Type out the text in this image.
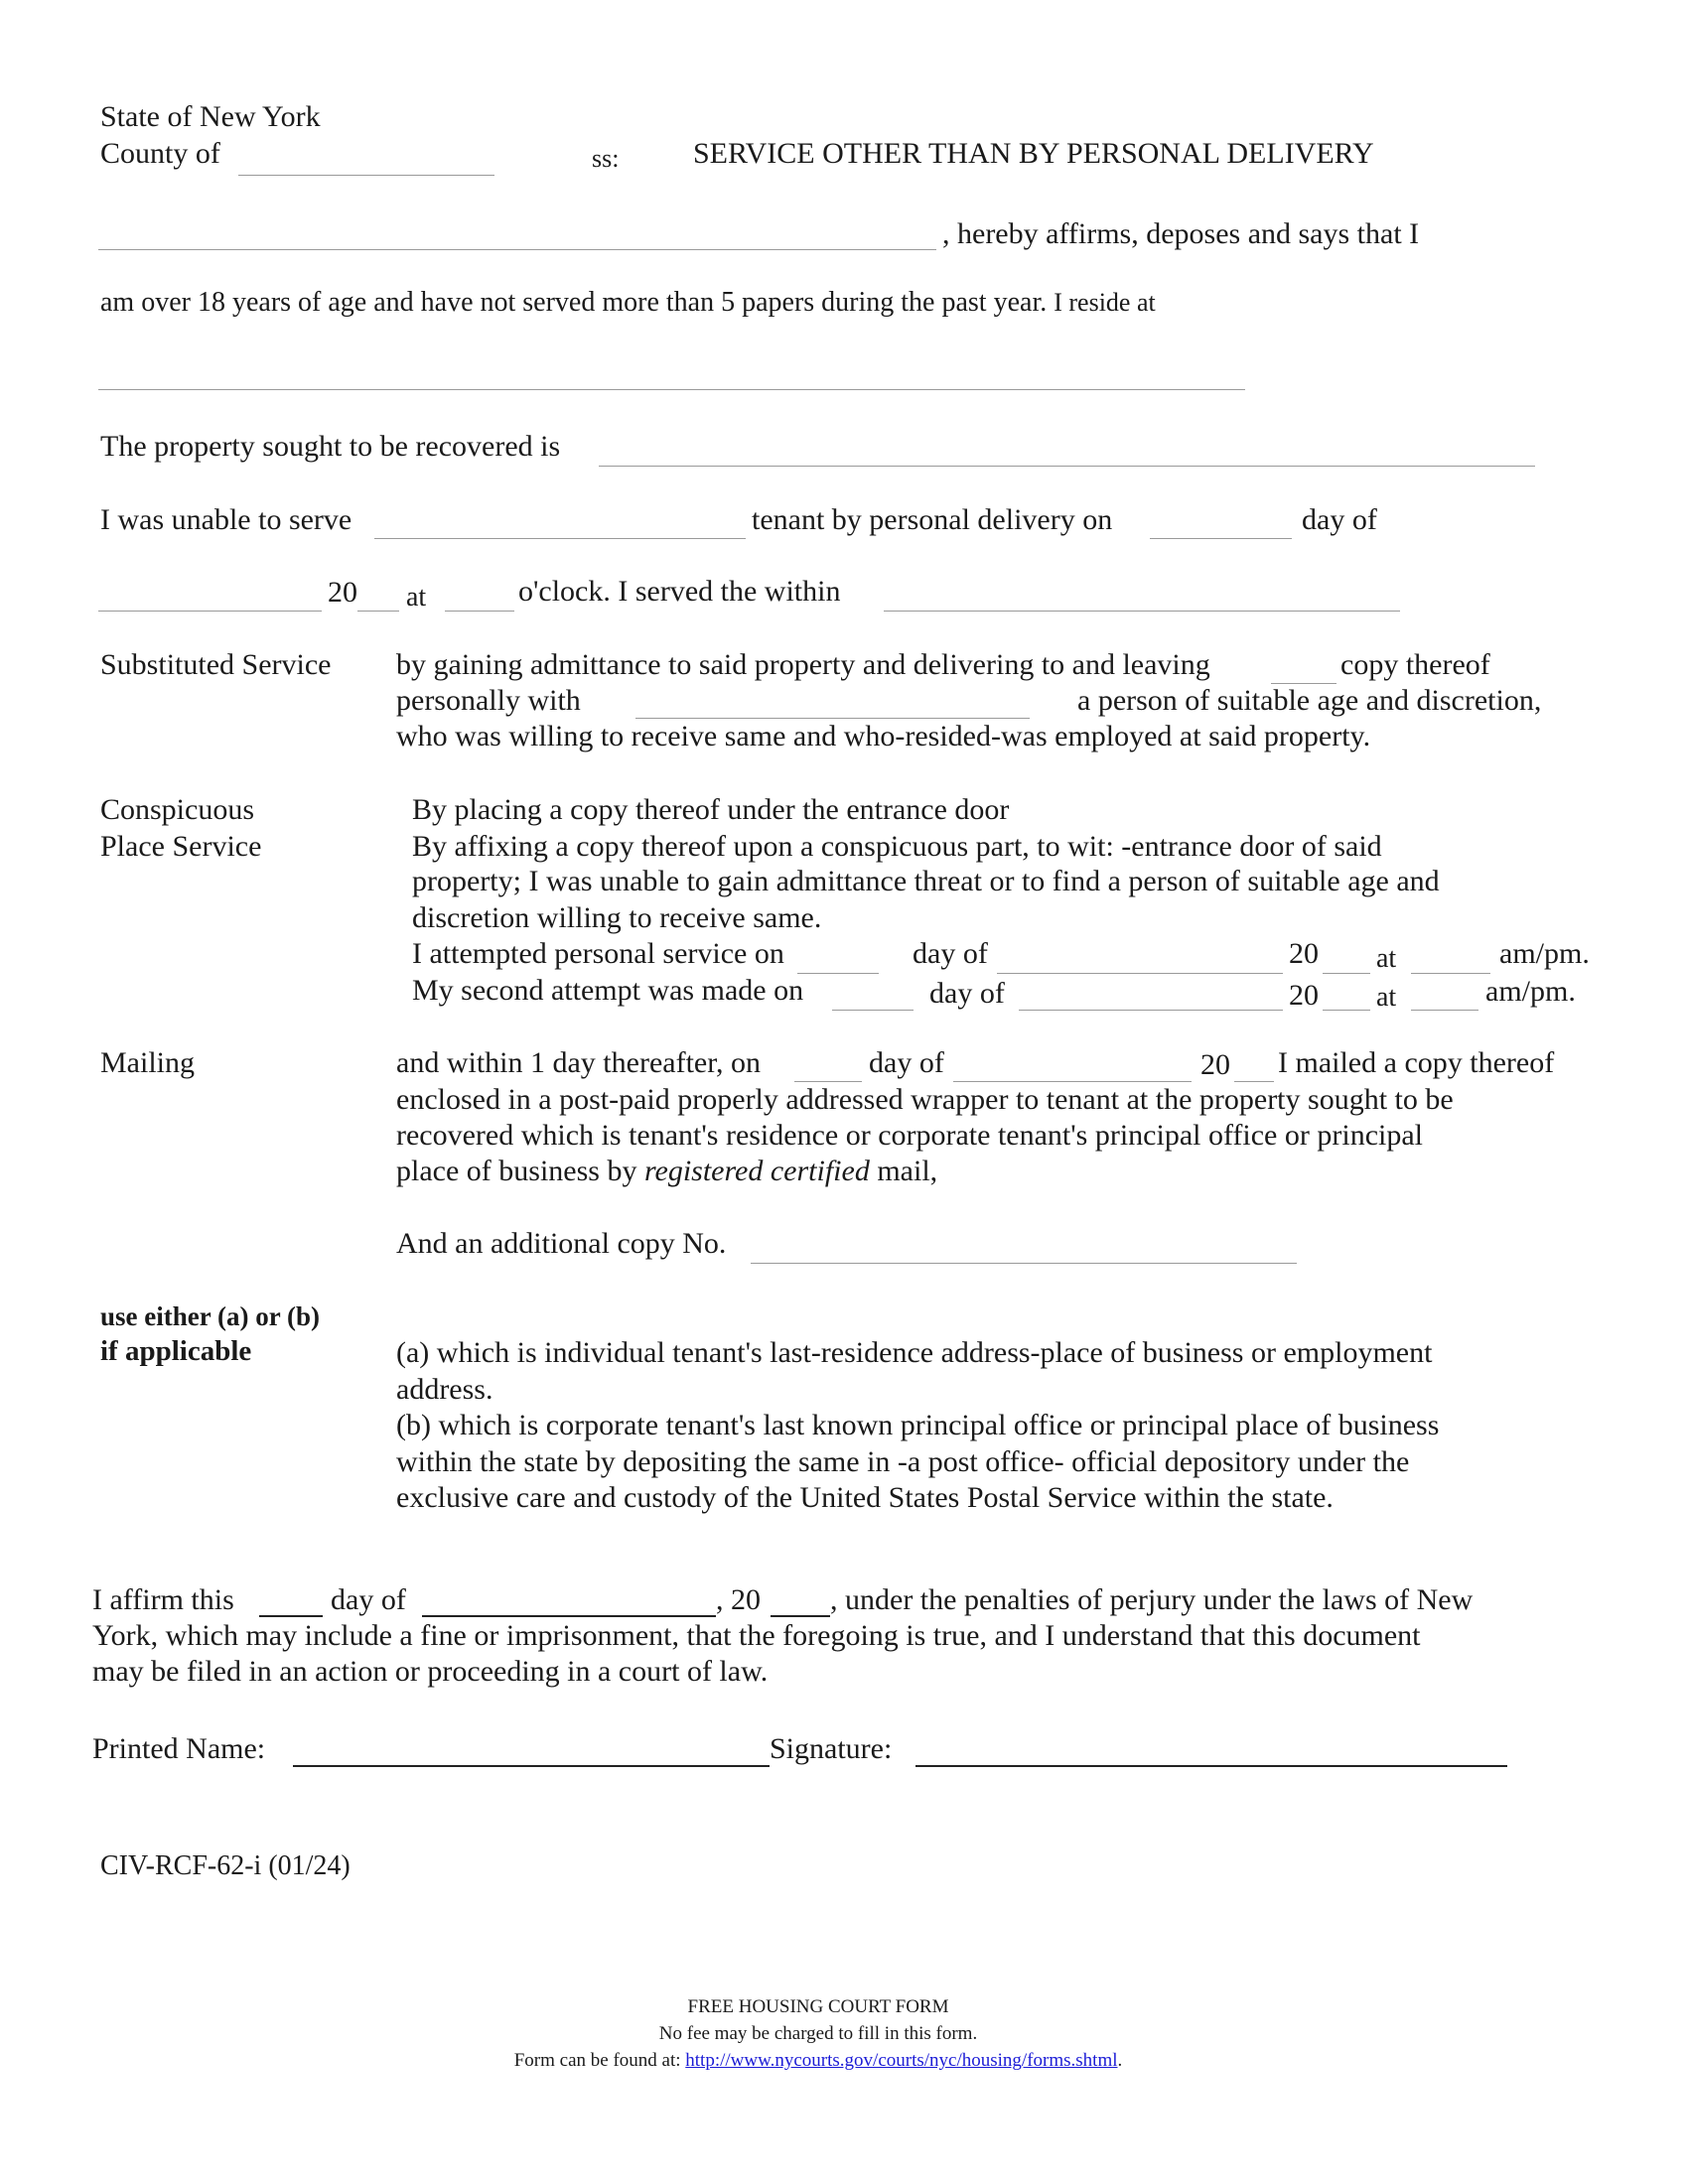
State of New York
County of	ss: SERVICE OTHER THAN BY PERSONAL DELIVERY
, hereby affirms, deposes and says that I
am over 18 years of age and have not served more than 5 papers during the past year. I reside at
The property sought to be recovered is
I was unable to serve	tenant by personal delivery on	day of
20 at	o'clock. I served the within
Substituted Service by gaining admittance to said property and delivering to and leaving	copy thereof
personally with	a person of suitable age and discretion,
who was willing to receive same and who-resided-was employed at said property.
Conspicuous
Place Service
By placing a copy thereof under the entrance door
By affixing a copy thereof upon a conspicuous part, to wit: -entrance door of said
property; I was unable to gain admittance threat or to find a person of suitable age and
discretion willing to receive same.
I attempted personal service on	day of	20 at	am/pm.
My second attempt was made on	day of	20 at	am/pm.
Mailing	and within 1 day thereafter, on	day of	20 I mailed a copy thereof
enclosed in a post-paid properly addressed wrapper to tenant at the property sought to be
recovered which is tenant's residence or corporate tenant's principal office or principal
place of business by registered certified mail,
And an additional copy No.
use either (a) or (b)
if applicable	(a) which is individual tenant's last-residence address-place of business or employment
address.
(b) which is corporate tenant's last known principal office or principal place of business
within the state by depositing the same in -a post office- official depository under the
exclusive care and custody of the United States Postal Service within the state.
I affirm this	day of	, 20 , under the penalties of perjury under the laws of New
York, which may include a fine or imprisonment, that the foregoing is true, and I understand that this document
may be filed in an action or proceeding in a court of law.
Printed Name:	Signature:
CIV-RCF-62-i (01/24)
FREE HOUSING COURT FORM
No fee may be charged to fill in this form.
Form can be found at: http://www.nycourts.gov/courts/nyc/housing/forms.shtml.
